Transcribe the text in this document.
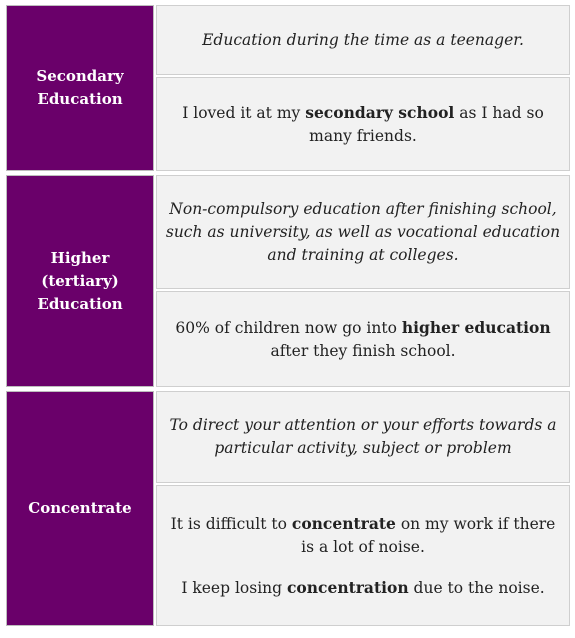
Secondary Education
Education during the time as a teenager.

I loved it at my secondary school as I had so many friends.

Higher (tertiary) Education
Non-compulsory education after finishing school, such as university, as well as vocational education and training at colleges.

60% of children now go into higher education after they finish school.

Concentrate
To direct your attention or your efforts towards a particular activity, subject or problem

It is difficult to concentrate on my work if there is a lot of noise.

I keep losing concentration due to the noise.
